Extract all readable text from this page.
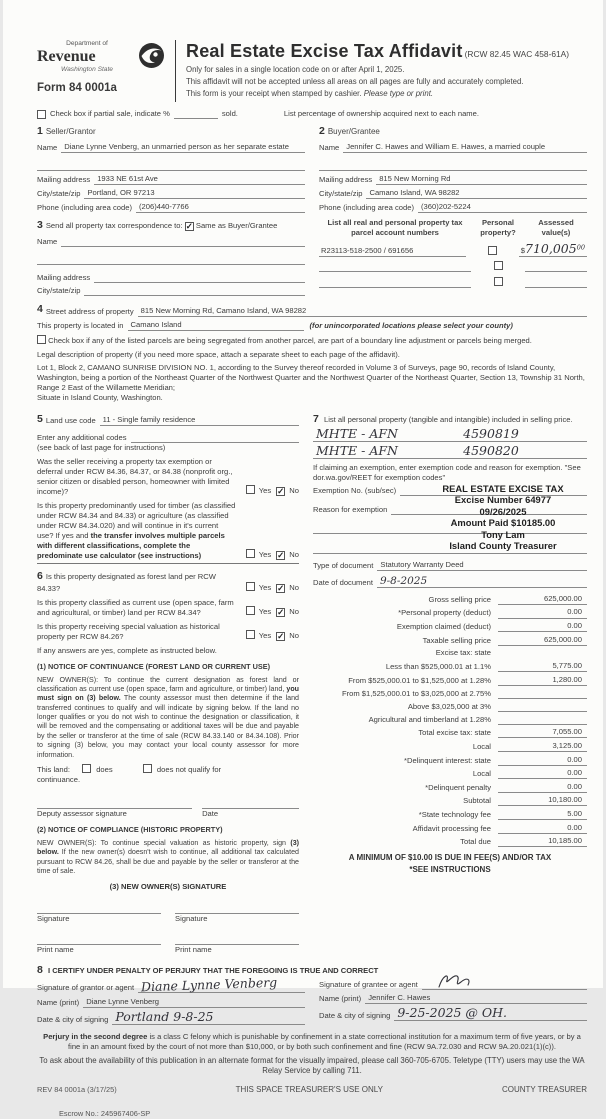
Department of
Revenue
Washington State
Form 84 0001a
Real Estate Excise Tax Affidavit (RCW 82.45 WAC 458-61A)
Only for sales in a single location code on or after April 1, 2025.
This affidavit will not be accepted unless all areas on all pages are fully and accurately completed.
This form is your receipt when stamped by cashier. Please type or print.
Check box if partial sale, indicate %	sold.	List percentage of ownership acquired next to each name.
1 Seller/Grantor
Name Diane Lynne Venberg, an unmarried person as her separate estate
Mailing address 1933 NE 61st Ave
City/state/zip Portland, OR 97213
Phone (including area code) (206)440-7766
3 Send all property tax correspondence to: ✓ Same as Buyer/Grantee
Name
Mailing address
City/state/zip
2 Buyer/Grantee
Name Jennifer C. Hawes and William E. Hawes, a married couple
Mailing address 815 New Morning Rd
City/state/zip Camano Island, WA 98282
Phone (including area code) (360)202-5224
List all real and personal property tax parcel account numbers
Personal
property?
Assessed
value(s)
R23113-518-2500 / 691656	$710,005$^{00}$
4 Street address of property 815 New Morning Rd, Camano Island, WA 98282
This property is located in Camano Island	(for unincorporated locations please select your county)
Check box if any of the listed parcels are being segregated from another parcel, are part of a boundary line adjustment or parcels being merged.
Legal description of property (if you need more space, attach a separate sheet to each page of the affidavit).
Lot 1, Block 2, CAMANO SUNRISE DIVISION NO. 1, according to the Survey thereof recorded in Volume 3 of Surveys, page 90, records of Island County, Washington, being a portion of the Northeast Quarter of the Northwest Quarter and the Northwest Quarter of the Northeast Quarter, Section 13, Township 31 North, Range 2 East of the Willamette Meridian;
Situate in Island County, Washington.
5 Land use code 11 - Single family residence
Enter any additional codes
(see back of last page for instructions)
Was the seller receiving a property tax exemption or deferral under RCW 84.36, 84.37, or 84.38 (nonprofit org., senior citizen or disabled person, homeowner with limited income)?	Yes ✓ No
Is this property predominantly used for timber (as classified under RCW 84.34 and 84.33) or agriculture (as classified under RCW 84.34.020) and will continue in it's current use? If yes and the transfer involves multiple parcels with different classifications, complete the predominate use calculator (see instructions)	Yes ✓ No
6 Is this property designated as forest land per RCW 84.33?	Yes ✓ No
Is this property classified as current use (open space, farm and agricultural, or timber) land per RCW 84.34?	Yes ✓ No
Is this property receiving special valuation as historical property per RCW 84.26?	Yes ✓ No
If any answers are yes, complete as instructed below.
(1) NOTICE OF CONTINUANCE (FOREST LAND OR CURRENT USE)
NEW OWNER(S): To continue the current designation as forest land or classification as current use (open space, farm and agriculture, or timber) land, you must sign on (3) below. The county assessor must then determine if the land transferred continues to qualify and will indicate by signing below. If the land no longer qualifies or you do not wish to continue the designation or classification, it will be removed and the compensating or additional taxes will be due and payable by the seller or transferor at the time of sale (RCW 84.33.140 or 84.34.108). Prior to signing (3) below, you may contact your local county assessor for more information.
This land:	does	does not qualify for
continuance.
Deputy assessor signature	Date
(2) NOTICE OF COMPLIANCE (HISTORIC PROPERTY)
NEW OWNER(S): To continue special valuation as historic property, sign (3) below. If the new owner(s) doesn't wish to continue, all additional tax calculated pursuant to RCW 84.26, shall be due and payable by the seller or transferor at the time of sale.
(3) NEW OWNER(S) SIGNATURE
Signature	Signature
Print name	Print name
7 List all personal property (tangible and intangible) included in selling price.
MHTE - AFN	4590819
MHTE - AFN	4590820
If claiming an exemption, enter exemption code and reason for exemption. "See dor.wa.gov/REET for exemption codes"
Exemption No. (sub/sec)
Reason for exemption
REAL ESTATE EXCISE TAX
Excise Number 64977
09/26/2025
Amount Paid $10185.00
Tony Lam
Island County Treasurer
Type of document Statutory Warranty Deed
Date of document 9-8-2025
Gross selling price	625,000.00
*Personal property (deduct)	0.00
Exemption claimed (deduct)	0.00
Taxable selling price	625,000.00
Excise tax: state
Less than $525,000.01 at 1.1%	5,775.00
From $525,000.01 to $1,525,000 at 1.28%	1,280.00
From $1,525,000.01 to $3,025,000 at 2.75%
Above $3,025,000 at 3%
Agricultural and timberland at 1.28%
Total excise tax: state	7,055.00
Local	3,125.00
*Delinquent interest: state	0.00
Local	0.00
*Delinquent penalty	0.00
Subtotal	10,180.00
*State technology fee	5.00
Affidavit processing fee	0.00
Total due	10,185.00
A MINIMUM OF $10.00 IS DUE IN FEE(S) AND/OR TAX
*SEE INSTRUCTIONS
8 I CERTIFY UNDER PENALTY OF PERJURY THAT THE FOREGOING IS TRUE AND CORRECT
Signature of grantor or agent Diane Lynne Venberg
Name (print) Diane Lynne Venberg
Date & city of signing Portland 9-8-25
Signature of grantee or agent
Name (print) Jennifer C. Hawes
Date & city of signing 9-25-2025 @ OH.
Perjury in the second degree is a class C felony which is punishable by confinement in a state correctional institution for a maximum term of five years, or by a fine in an amount fixed by the court of not more than $10,000, or by both such confinement and fine (RCW 9A.72.030 and RCW 9A.20.021(1)(c)).
To ask about the availability of this publication in an alternate format for the visually impaired, please call 360-705-6705. Teletype (TTY) users may use the WA Relay Service by calling 711.
REV 84 0001a (3/17/25)	THIS SPACE TREASURER'S USE ONLY	COUNTY TREASURER
Escrow No.: 245967406-SP
